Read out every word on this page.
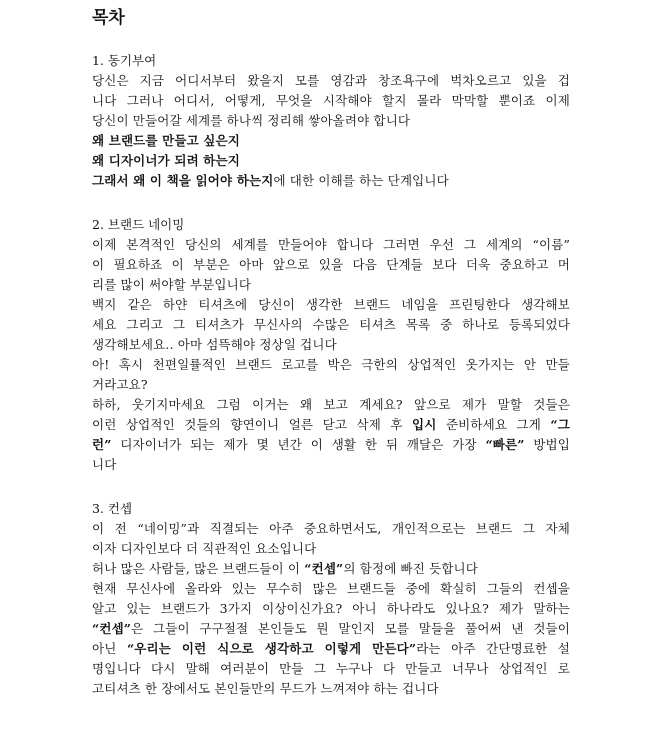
목차
1. 동기부여
당신은 지금 어디서부터 왔을지 모를 영감과 창조욕구에 벅차오르고 있을 겁
니다 그러나 어디서, 어떻게, 무엇을 시작해야 할지 몰라 막막할 뿐이죠 이제
당신이 만들어갈 세계를 하나씩 정리해 쌓아올려야 합니다
왜 브랜드를 만들고 싶은지
왜 디자이너가 되려 하는지
그래서 왜 이 책을 읽어야 하는지에 대한 이해를 하는 단계입니다
2. 브랜드 네이밍
이제 본격적인 당신의 세계를 만들어야 합니다 그러면 우선 그 세계의 “이름”
이 필요하죠 이 부분은 아마 앞으로 있을 다음 단계들 보다 더욱 중요하고 머
리를 많이 써야할 부분입니다
백지 같은 하얀 티셔츠에 당신이 생각한 브랜드 네임을 프린팅한다 생각해보
세요 그리고 그 티셔츠가 무신사의 수많은 티셔츠 목록 중 하나로 등록되었다
생각해보세요.. 아마 섬뜩해야 정상일 겁니다
아! 혹시 천편일률적인 브랜드 로고를 박은 극한의 상업적인 옷가지는 안 만들
거라고요?
하하, 웃기지마세요 그럼 이거는 왜 보고 계세요? 앞으로 제가 말할 것들은
이런 상업적인 것들의 향연이니 얼른 닫고 삭제 후 입시 준비하세요 그게 “그
런” 디자이너가 되는 제가 몇 년간 이 생활 한 뒤 깨달은 가장 “빠른” 방법입
니다
3. 컨셉
이 전 “네이밍”과 직결되는 아주 중요하면서도, 개인적으로는 브랜드 그 자체
이자 디자인보다 더 직관적인 요소입니다
허나 많은 사람들, 많은 브랜드들이 이 “컨셉”의 함정에 빠진 듯합니다
현재 무신사에 올라와 있는 무수히 많은 브랜드들 중에 확실히 그들의 컨셉을
알고 있는 브랜드가 3가지 이상이신가요? 아니 하나라도 있나요? 제가 말하는
“컨셉”은 그들이 구구절절 본인들도 뭔 말인지 모를 말들을 풀어써 낸 것들이
아닌 “우리는 이런 식으로 생각하고 이렇게 만든다”라는 아주 간단명료한 설
명입니다 다시 말해 여러분이 만들 그 누구나 다 만들고 너무나 상업적인 로
고티셔츠 한 장에서도 본인들만의 무드가 느껴져야 하는 겁니다
